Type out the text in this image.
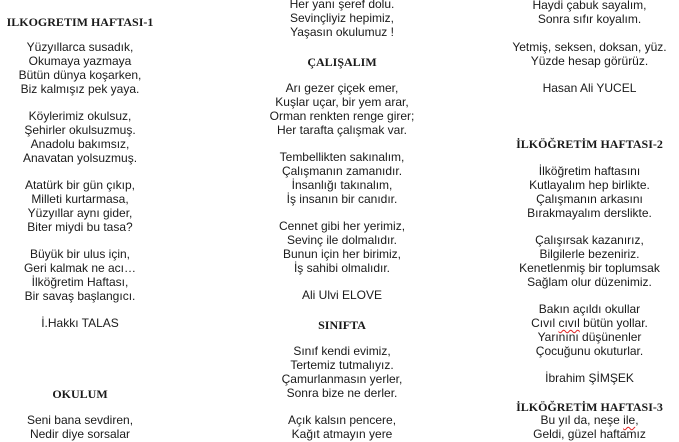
ILKOGRETIM HAFTASI-1
Yüzyıllarca susadık,
Okumaya yazmaya
Bütün dünya koşarken,
Biz kalmışız pek yaya.
Köylerimiz okulsuz,
Şehirler okulsuzmuş.
Anadolu bakımsız,
Anavatan yolsuzmuş.
Atatürk bir gün çıkıp,
Milleti kurtarmasa,
Yüzyıllar aynı gider,
Biter miydi bu tasa?
Büyük bir ulus için,
Geri kalmak ne acı…
İlköğretim Haftası,
Bir savaş başlangıcı.
İ.Hakkı TALAS
OKULUM
Seni bana sevdiren,
Nedir diye sorsalar
Her yanı şeref dolu.
Sevinçliyiz hepimiz,
Yaşasın okulumuz !
ÇALIŞALIM
Arı gezer çiçek emer,
Kuşlar uçar, bir yem arar,
Orman renkten renge girer;
Her tarafta çalışmak var.
Tembellikten sakınalım,
Çalışmanın zamanıdır.
İnsanlığı takınalım,
İş insanın bir canıdır.
Cennet gibi her yerimiz,
Sevinç ile dolmalıdır.
Bunun için her birimiz,
İş sahibi olmalıdır.
Ali Ulvi ELOVE
SINIFTA
Sınıf kendi evimiz,
Tertemiz tutmalıyız.
Çamurlanmasın yerler,
Sonra bize ne derler.
Açık kalsın pencere,
Kağıt atmayın yere
Haydi çabuk sayalım,
Sonra sıfır koyalım.
Yetmiş, seksen, doksan, yüz.
Yüzde hesap görürüz.
Hasan Ali YUCEL
İLKÖĞRETİM HAFTASI-2
İlköğretim haftasını
Kutlayalım hep birlikte.
Çalışmanın arkasını
Bırakmayalım derslikte.
Çalışırsak kazanırız,
Bilgilerle bezeniriz.
Kenetlenmiş bir toplumsak
Sağlam olur düzenimiz.
Bakın açıldı okullar
Cıvıl cıvıl bütün yollar.
Yarınını düşünenler
Çocuğunu okuturlar.
İbrahim ŞİMŞEK
İLKÖĞRETİM HAFTASI-3
Bu yıl da, neşe ile,
Geldi, güzel haftamız
